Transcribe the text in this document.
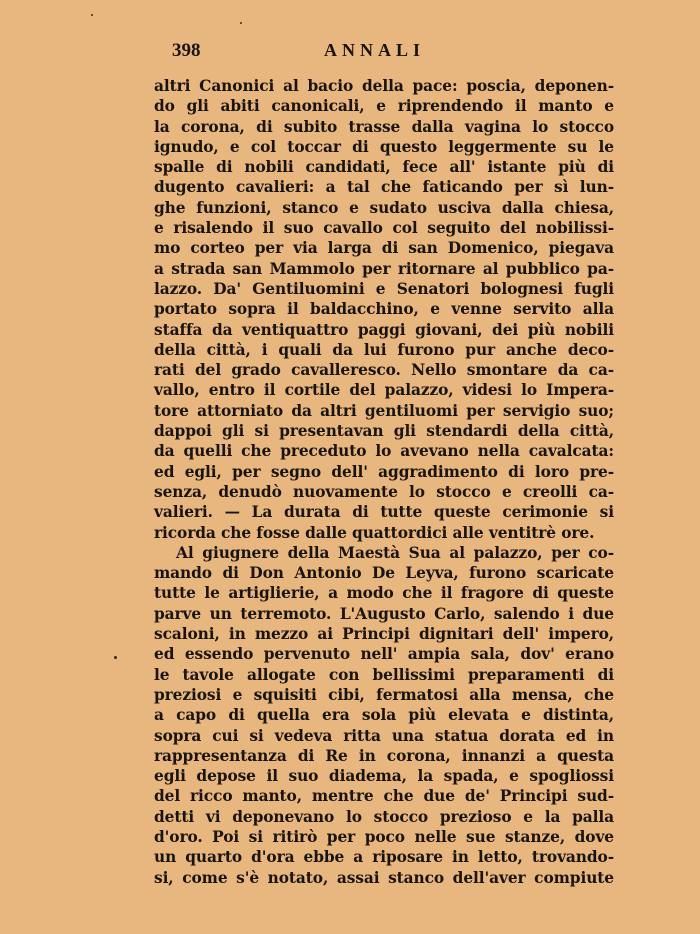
398	ANNALI
altri Canonici al bacio della pace: poscia, deponen-
do gli abiti canonicali, e riprendendo il manto e
la corona, di subito trasse dalla vagina lo stocco
ignudo, e col toccar di questo leggermente su le
spalle di nobili candidati, fece all' istante più di
dugento cavalieri: a tal che faticando per sì lun-
ghe funzioni, stanco e sudato usciva dalla chiesa,
e risalendo il suo cavallo col seguito del nobilissi-
mo corteo per via larga di san Domenico, piegava
a strada san Mammolo per ritornare al pubblico pa-
lazzo. Da' Gentiluomini e Senatori bolognesi fugli
portato sopra il baldacchino, e venne servito alla
staffa da ventiquattro paggi giovani, dei più nobili
della città, i quali da lui furono pur anche deco-
rati del grado cavalleresco. Nello smontare da ca-
vallo, entro il cortile del palazzo, videsi lo Impera-
tore attorniato da altri gentiluomi per servigio suo;
dappoi gli si presentavan gli stendardi della città,
da quelli che preceduto lo avevano nella cavalcata:
ed egli, per segno dell' aggradimento di loro pre-
senza, denudò nuovamente lo stocco e creolli ca-
valieri. — La durata di tutte queste cerimonie si
ricorda che fosse dalle quattordici alle ventitrè ore.
Al giugnere della Maestà Sua al palazzo, per co-
mando di Don Antonio De Leyva, furono scaricate
tutte le artiglierie, a modo che il fragore di queste
parve un terremoto. L'Augusto Carlo, salendo i due
scaloni, in mezzo ai Principi dignitari dell' impero,
ed essendo pervenuto nell' ampia sala, dov' erano
le tavole allogate con bellissimi preparamenti di
preziosi e squisiti cibi, fermatosi alla mensa, che
a capo di quella era sola più elevata e distinta,
sopra cui si vedeva ritta una statua dorata ed in
rappresentanza di Re in corona, innanzi a questa
egli depose il suo diadema, la spada, e spogliossi
del ricco manto, mentre che due de' Principi sud-
detti vi deponevano lo stocco prezioso e la palla
d'oro. Poi si ritirò per poco nelle sue stanze, dove
un quarto d'ora ebbe a riposare in letto, trovando-
si, come s'è notato, assai stanco dell'aver compiute
